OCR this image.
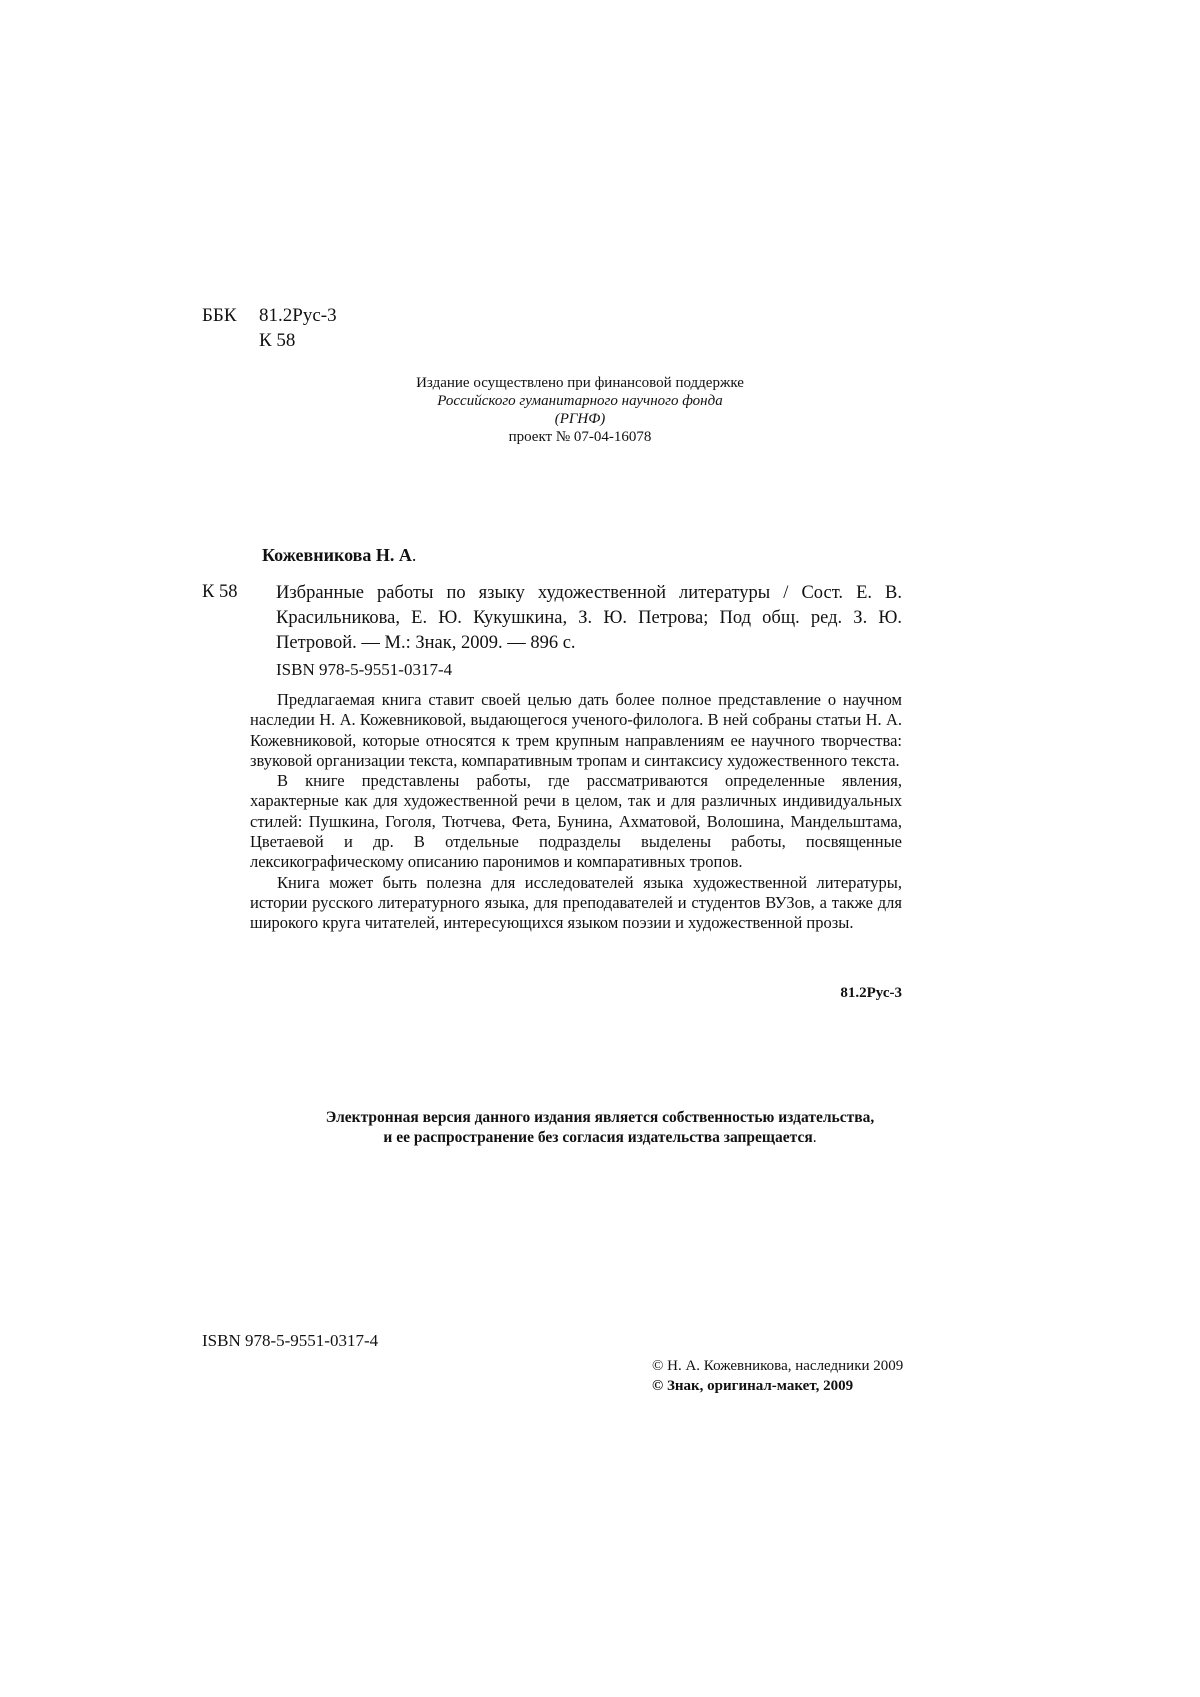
ББК 81.2Рус-3
К 58
Издание осуществлено при финансовой поддержке
Российского гуманитарного научного фонда
(РГНФ)
проект № 07-04-16078
Кожевникова Н. А.
К 58 Избранные работы по языку художественной литературы / Сост. Е. В. Красильникова, Е. Ю. Кукушкина, З. Ю. Петрова; Под общ. ред. З. Ю. Петровой. — М.: Знак, 2009. — 896 с.
ISBN 978-5-9551-0317-4

Предлагаемая книга ставит своей целью дать более полное представление о научном наследии Н. А. Кожевниковой, выдающегося ученого-филолога. В ней собраны статьи Н. А. Кожевниковой, которые относятся к трем крупным направлениям ее научного творчества: звуковой организации текста, компаративным тропам и синтаксису художественного текста.

В книге представлены работы, где рассматриваются определенные явления, характерные как для художественной речи в целом, так и для различных индивидуальных стилей: Пушкина, Гоголя, Тютчева, Фета, Бунина, Ахматовой, Волошина, Мандельштама, Цветаевой и др. В отдельные подразделы выделены работы, посвященные лексикографическому описанию паронимов и компаративных тропов.

Книга может быть полезна для исследователей языка художественной литературы, истории русского литературного языка, для преподавателей и студентов ВУЗов, а также для широкого круга читателей, интересующихся языком поэзии и художественной прозы.

81.2Рус-3
Электронная версия данного издания является собственностью издательства,
и ее распространение без согласия издательства запрещается.
ISBN 978-5-9551-0317-4
© Н. А. Кожевникова, наследники 2009
© Знак, оригинал-макет, 2009
